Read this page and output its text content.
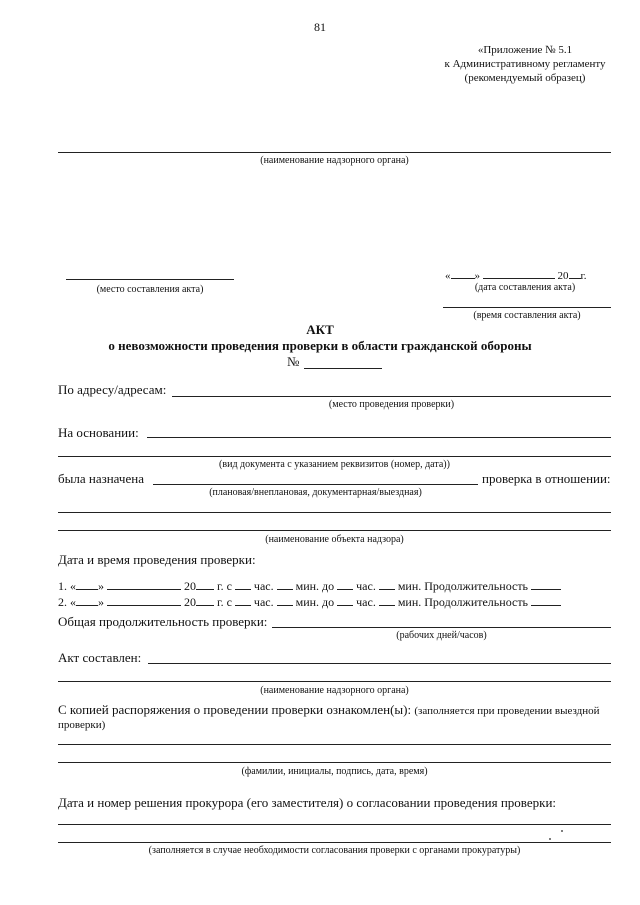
81
«Приложение № 5.1
к Административному регламенту
(рекомендуемый образец)
(наименование надзорного органа)
(место составления акта)
« »	20 г.
(дата составления акта)
(время составления акта)
АКТ
о невозможности проведения проверки в области гражданской обороны
№
По адресу/адресам:
(место проведения проверки)
На основании:
(вид документа с указанием реквизитов (номер, дата))
была назначена	проверка в отношении:
(плановая/внеплановая, документарная/выездная)
(наименование объекта надзора)
Дата и время проведения проверки:
1. « »	20 г. с час. мин. до час. мин. Продолжительность
2. « »	20 г. с час. мин. до час. мин. Продолжительность
Общая продолжительность проверки:
(рабочих дней/часов)
Акт составлен:
(наименование надзорного органа)
С копией распоряжения о проведении проверки ознакомлен(ы): (заполняется при проведении выездной
проверки)
(фамилии, инициалы, подпись, дата, время)
Дата и номер решения прокурора (его заместителя) о согласовании проведения проверки:
(заполняется в случае необходимости согласования проверки с органами прокуратуры)
